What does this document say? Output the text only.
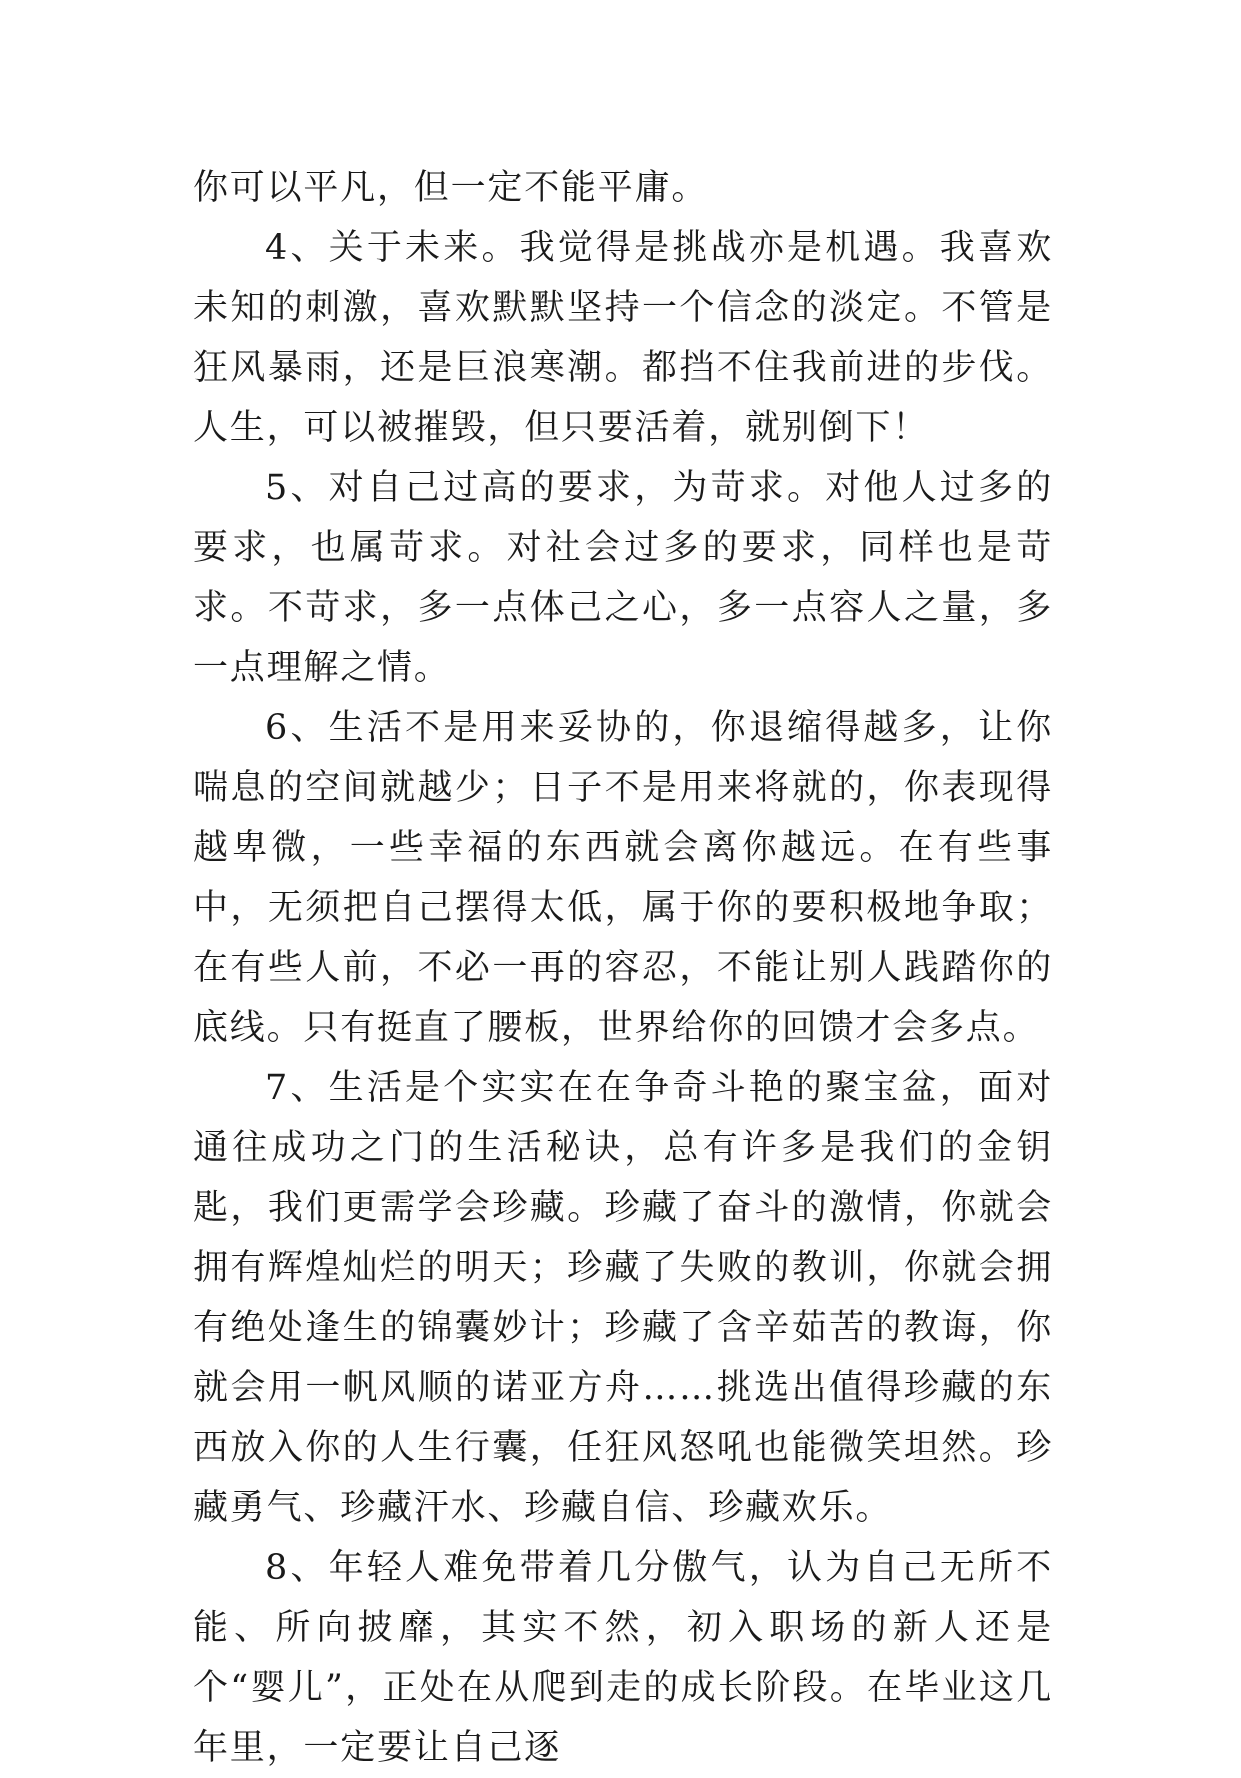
你可以平凡，但一定不能平庸。

4、关于未来。我觉得是挑战亦是机遇。我喜欢未知的刺激，喜欢默默坚持一个信念的淡定。不管是狂风暴雨，还是巨浪寒潮。都挡不住我前进的步伐。人生，可以被摧毁，但只要活着，就别倒下！

5、对自己过高的要求，为苛求。对他人过多的要求，也属苛求。对社会过多的要求，同样也是苛求。不苛求，多一点体己之心，多一点容人之量，多一点理解之情。

6、生活不是用来妥协的，你退缩得越多，让你喘息的空间就越少；日子不是用来将就的，你表现得越卑微，一些幸福的东西就会离你越远。在有些事中，无须把自己摆得太低，属于你的要积极地争取；在有些人前，不必一再的容忍，不能让别人践踏你的底线。只有挺直了腰板，世界给你的回馈才会多点。

7、生活是个实实在在争奇斗艳的聚宝盆，面对通往成功之门的生活秘诀，总有许多是我们的金钥匙，我们更需学会珍藏。珍藏了奋斗的激情，你就会拥有辉煌灿烂的明天；珍藏了失败的教训，你就会拥有绝处逢生的锦囊妙计；珍藏了含辛茹苦的教诲，你就会用一帆风顺的诺亚方舟……挑选出值得珍藏的东西放入你的人生行囊，任狂风怒吼也能微笑坦然。珍藏勇气、珍藏汗水、珍藏自信、珍藏欢乐。

8、年轻人难免带着几分傲气，认为自己无所不能、所向披靡，其实不然，初入职场的新人还是个“婴儿”，正处在从爬到走的成长阶段。在毕业这几年里，一定要让自己逐
